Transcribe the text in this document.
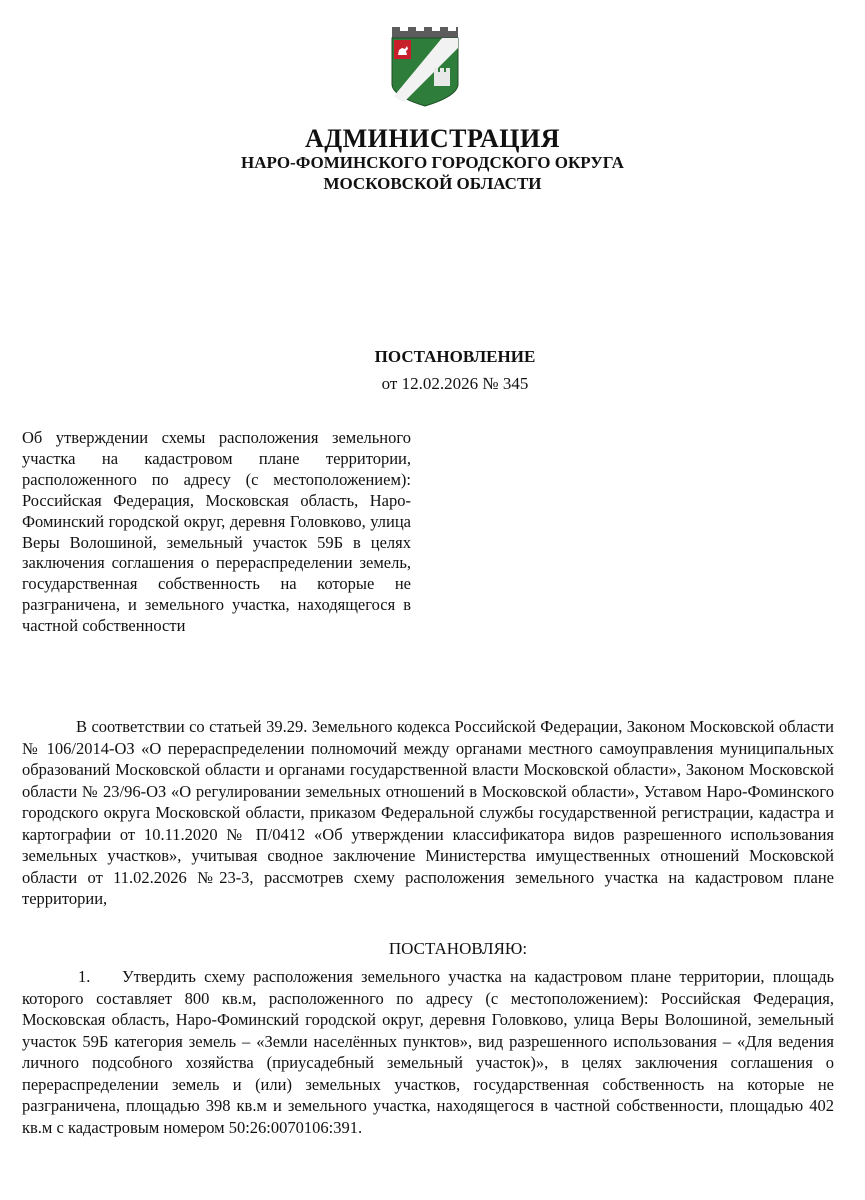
АДМИНИСТРАЦИЯ
НАРО-ФОМИНСКОГО ГОРОДСКОГО ОКРУГА
МОСКОВСКОЙ ОБЛАСТИ
ПОСТАНОВЛЕНИЕ
от 12.02.2026 № 345

Об утверждении схемы расположения земельного участка на кадастровом плане территории, расположенного по адресу (с местоположением): Российская Федерация, Московская область, Наро-Фоминский городской округ, деревня Головково, улица Веры Волошиной, земельный участок 59Б в целях заключения соглашения о перераспределении земель, государственная собственность на которые не разграничена, и земельного участка, находящегося в частной собственности

В соответствии со статьей 39.29. Земельного кодекса Российской Федерации, Законом Московской области № 106/2014-ОЗ «О перераспределении полномочий между органами местного самоуправления муниципальных образований Московской области и органами государственной власти Московской области», Законом Московской области № 23/96-ОЗ «О регулировании земельных отношений в Московской области», Уставом Наро-Фоминского городского округа Московской области, приказом Федеральной службы государственной регистрации, кадастра и картографии от 10.11.2020 № П/0412 «Об утверждении классификатора видов разрешенного использования земельных участков», учитывая сводное заключение Министерства имущественных отношений Московской области от 11.02.2026 №23-3, рассмотрев схему расположения земельного участка на кадастровом плане территории,

ПОСТАНОВЛЯЮ:

1. Утвердить схему расположения земельного участка на кадастровом плане территории, площадь которого составляет 800 кв.м, расположенного по адресу (с местоположением): Российская Федерация, Московская область, Наро-Фоминский городской округ, деревня Головково, улица Веры Волошиной, земельный участок 59Б категория земель – «Земли населённых пунктов», вид разрешенного использования – «Для ведения личного подсобного хозяйства (приусадебный земельный участок)», в целях заключения соглашения о перераспределении земель и (или) земельных участков, государственная собственность на которые не разграничена, площадью 398 кв.м и земельного участка, находящегося в частной собственности, площадью 402 кв.м с кадастровым номером 50:26:0070106:391.
